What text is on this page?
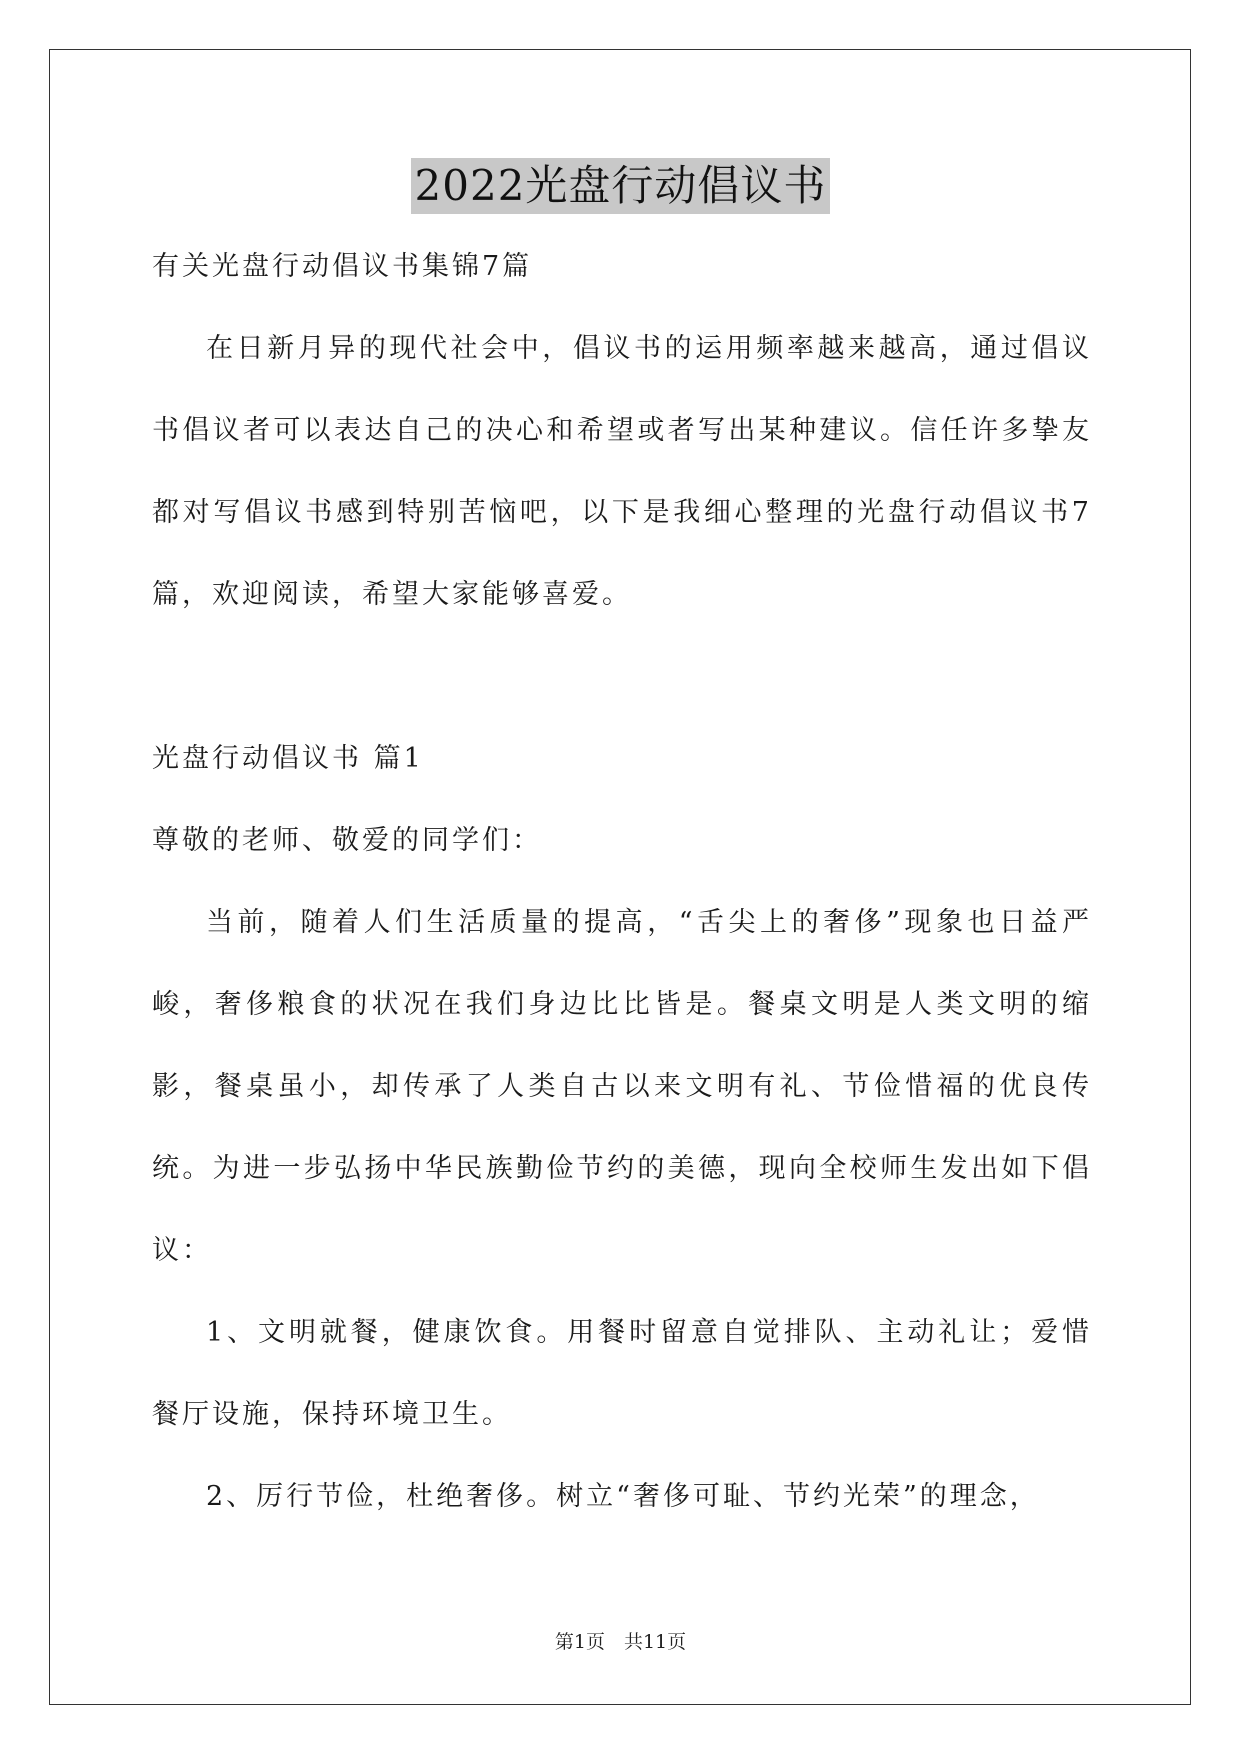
2022光盘行动倡议书

有关光盘行动倡议书集锦7篇

在日新月异的现代社会中，倡议书的运用频率越来越高，通过倡议书倡议者可以表达自己的决心和希望或者写出某种建议。信任许多挚友都对写倡议书感到特别苦恼吧，以下是我细心整理的光盘行动倡议书7篇，欢迎阅读，希望大家能够喜爱。

光盘行动倡议书 篇1

尊敬的老师、敬爱的同学们：

当前，随着人们生活质量的提高，“舌尖上的奢侈”现象也日益严峻，奢侈粮食的状况在我们身边比比皆是。餐桌文明是人类文明的缩影，餐桌虽小，却传承了人类自古以来文明有礼、节俭惜福的优良传统。为进一步弘扬中华民族勤俭节约的美德，现向全校师生发出如下倡议：

1、文明就餐，健康饮食。用餐时留意自觉排队、主动礼让；爱惜餐厅设施，保持环境卫生。

2、厉行节俭，杜绝奢侈。树立“奢侈可耻、节约光荣”的理念，

第1页　共11页
